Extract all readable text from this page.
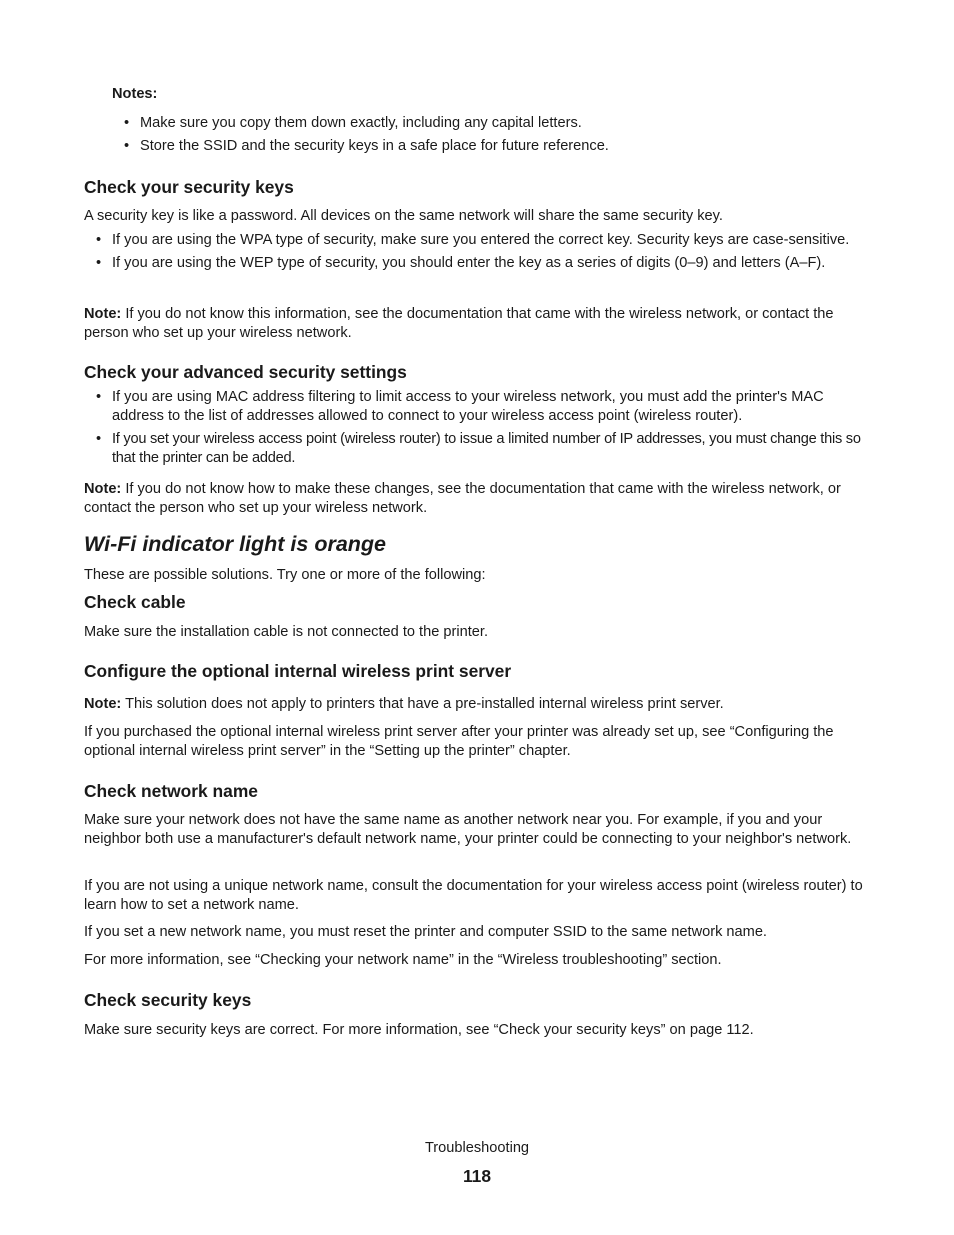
Notes:

• Make sure you copy them down exactly, including any capital letters.
• Store the SSID and the security keys in a safe place for future reference.
Check your security keys

A security key is like a password. All devices on the same network will share the same security key.

• If you are using the WPA type of security, make sure you entered the correct key. Security keys are case-sensitive.
• If you are using the WEP type of security, you should enter the key as a series of digits (0–9) and letters (A–F).

Note: If you do not know this information, see the documentation that came with the wireless network, or contact the person who set up your wireless network.

Check your advanced security settings
• If you are using MAC address filtering to limit access to your wireless network, you must add the printer's MAC address to the list of addresses allowed to connect to your wireless access point (wireless router).
• If you set your wireless access point (wireless router) to issue a limited number of IP addresses, you must change this so that the printer can be added.

Note: If you do not know how to make these changes, see the documentation that came with the wireless network, or contact the person who set up your wireless network.

Wi-Fi indicator light is orange

These are possible solutions. Try one or more of the following:

Check cable

Make sure the installation cable is not connected to the printer.

Configure the optional internal wireless print server

Note: This solution does not apply to printers that have a pre-installed internal wireless print server.

If you purchased the optional internal wireless print server after your printer was already set up, see “Configuring the optional internal wireless print server” in the “Setting up the printer” chapter.

Check network name

Make sure your network does not have the same name as another network near you. For example, if you and your neighbor both use a manufacturer's default network name, your printer could be connecting to your neighbor's network.

If you are not using a unique network name, consult the documentation for your wireless access point (wireless router) to learn how to set a network name.

If you set a new network name, you must reset the printer and computer SSID to the same network name.

For more information, see “Checking your network name” in the “Wireless troubleshooting” section.

Check security keys

Make sure security keys are correct. For more information, see “Check your security keys” on page 112.

Troubleshooting
118
